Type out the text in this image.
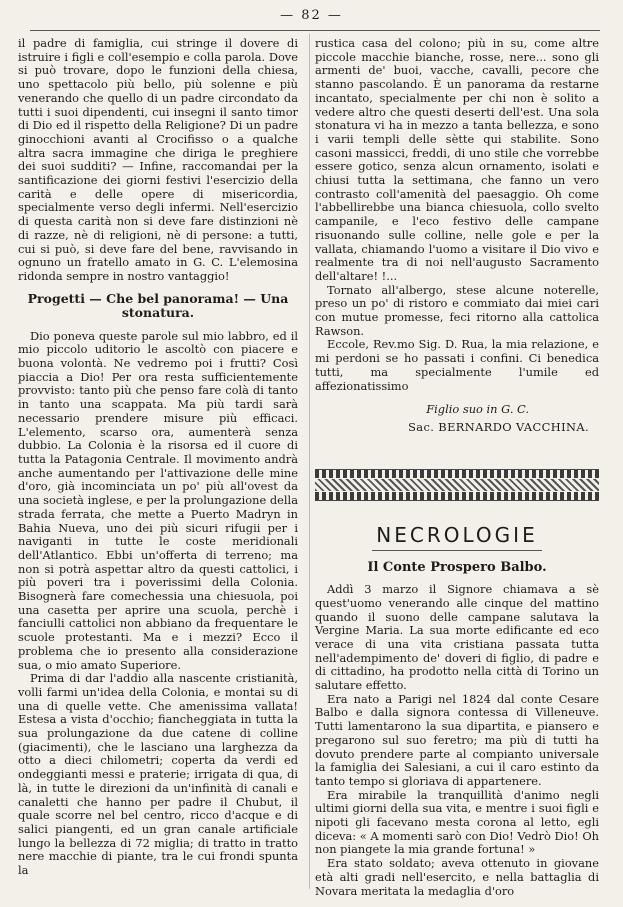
— 82 —

il padre di famiglia, cui stringe il dovere di istruire i figli e coll'esempio e colla parola. Dove si può trovare, dopo le funzioni della chiesa, uno spettacolo più bello, più solenne e più venerando che quello di un padre circondato da tutti i suoi dipendenti, cui insegni il santo timor di Dio ed il rispetto della Religione? Di un padre ginocchioni avanti al Crocifisso o a qualche altra sacra immagine che diriga le preghiere dei suoi sudditi? — Infine, raccomandai per la santificazione dei giorni festivi l'esercizio della carità e delle opere di misericordia, specialmente verso degli infermi. Nell'esercizio di questa carità non si deve fare distinzioni nè di razze, nè di religioni, nè di persone: a tutti, cui si può, si deve fare del bene, ravvisando in ognuno un fratello amato in G. C. L'elemosina ridonda sempre in nostro vantaggio!

Progetti — Che bel panorama! — Una stonatura.

Dio poneva queste parole sul mio labbro, ed il mio piccolo uditorio le ascoltò con piacere e buona volontà. Ne vedremo poi i frutti? Così piaccia a Dio! Per ora resta sufficientemente provvisto: tanto più che penso fare colà di tanto in tanto una scappata. Ma più tardi sarà necessario prendere misure più efficaci. L'elemento, scarso ora, aumenterà senza dubbio. La Colonia è la risorsa ed il cuore di tutta la Patagonia Centrale. Il movimento andrà anche aumentando per l'attivazione delle mine d'oro, già incominciata un po' più all'ovest da una società inglese, e per la prolungazione della strada ferrata, che mette a Puerto Madryn in Bahia Nueva, uno dei più sicuri rifugii per i naviganti in tutte le coste meridionali dell'Atlantico. Ebbi un'offerta di terreno; ma non si potrà aspettar altro da questi cattolici, i più poveri tra i poverissimi della Colonia. Bisognerà fare comechessia una chiesuola, poi una casetta per aprire una scuola, perchè i fanciulli cattolici non abbiano da frequentare le scuole protestanti. Ma e i mezzi? Ecco il problema che io presento alla considerazione sua, o mio amato Superiore.

Prima di dar l'addio alla nascente cristianità, volli farmi un'idea della Colonia, e montai su di una di quelle vette. Che amenissima vallata! Estesa a vista d'occhio; fiancheggiata in tutta la sua prolungazione da due catene di colline (giacimenti), che le lasciano una larghezza da otto a dieci chilometri; coperta da verdi ed ondeggianti messi e praterie; irrigata di qua, di là, in tutte le direzioni da un'infinità di canali e canaletti che hanno per padre il Chubut, il quale scorre nel bel centro, ricco d'acque e di salici piangenti, ed un gran canale artificiale lungo la bellezza di 72 miglia; di tratto in tratto nere macchie di piante, tra le cui frondi spunta la

rustica casa del colono; più in su, come altre piccole macchie bianche, rosse, nere... sono gli armenti de' buoi, vacche, cavalli, pecore che stanno pascolando. È un panorama da restarne incantato, specialmente per chi non è solito a vedere altro che questi deserti dell'est. Una sola stonatura vi ha in mezzo a tanta bellezza, e sono i varii templi delle sètte qui stabilite. Sono casoni massicci, freddi, di uno stile che vorrebbe essere gotico, senza alcun ornamento, isolati e chiusi tutta la settimana, che fanno un vero contrasto coll'amenità del paesaggio. Oh come l'abbellirebbe una bianca chiesuola, collo svelto campanile, e l'eco festivo delle campane risuonando sulle colline, nelle gole e per la vallata, chiamando l'uomo a visitare il Dio vivo e realmente tra di noi nell'augusto Sacramento dell'altare! !...

Tornato all'albergo, stese alcune noterelle, preso un po' di ristoro e commiato dai miei cari con mutue promesse, feci ritorno alla cattolica Rawson.

Eccole, Rev.mo Sig. D. Rua, la mia relazione, e mi perdoni se ho passati i confini. Ci benedica tutti, ma specialmente l'umile ed affezionatissimo

Figlio suo in G. C.
Sac. BERNARDO VACCHINA.
NECROLOGIE
Il Conte Prospero Balbo.

Addì 3 marzo il Signore chiamava a sè quest'uomo venerando alle cinque del mattino quando il suono delle campane salutava la Vergine Maria. La sua morte edificante ed eco verace di una vita cristiana passata tutta nell'adempimento de' doveri di figlio, di padre e di cittadino, ha prodotto nella città di Torino un salutare effetto.

Era nato a Parigi nel 1824 dal conte Cesare Balbo e dalla signora contessa di Villeneuve. Tutti lamentarono la sua dipartita, e piansero e pregarono sul suo feretro; ma più di tutti ha dovuto prendere parte al compianto universale la famiglia dei Salesiani, a cui il caro estinto da tanto tempo si gloriava di appartenere.

Era mirabile la tranquillità d'animo negli ultimi giorni della sua vita, e mentre i suoi figli e nipoti gli facevano mesta corona al letto, egli diceva: « A momenti sarò con Dio! Vedrò Dio! Oh non piangete la mia grande fortuna! »

Era stato soldato; aveva ottenuto in giovane età alti gradi nell'esercito, e nella battaglia di Novara meritata la medaglia d'oro
